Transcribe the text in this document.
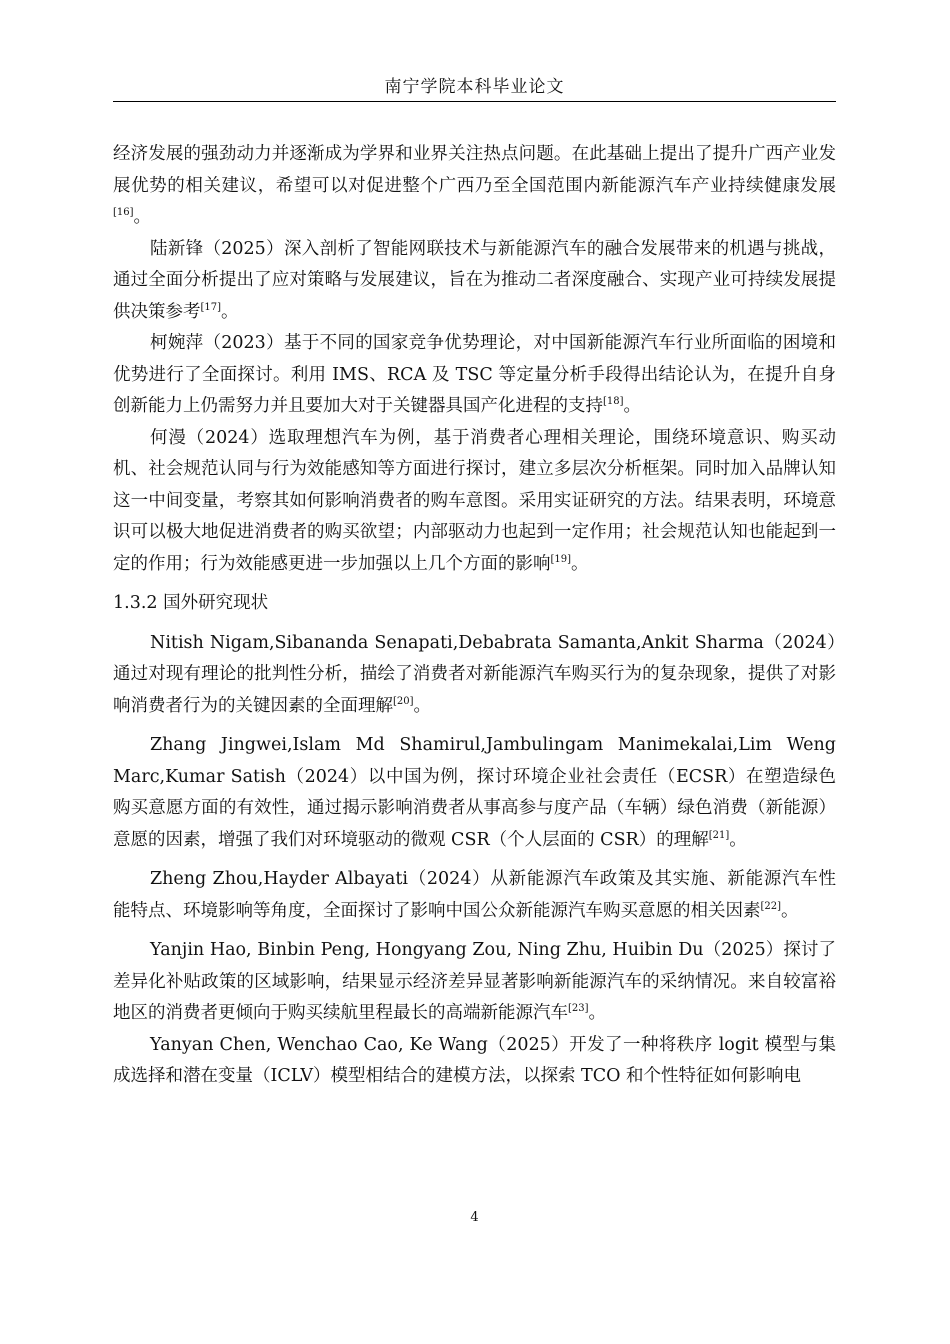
南宁学院本科毕业论文

经济发展的强劲动力并逐渐成为学界和业界关注热点问题。在此基础上提出了提升广西产业发展优势的相关建议，希望可以对促进整个广西乃至全国范围内新能源汽车产业持续健康发展[16]。

陆新锋（2025）深入剖析了智能网联技术与新能源汽车的融合发展带来的机遇与挑战，通过全面分析提出了应对策略与发展建议，旨在为推动二者深度融合、实现产业可持续发展提供决策参考[17]。

柯婉萍（2023）基于不同的国家竞争优势理论，对中国新能源汽车行业所面临的困境和优势进行了全面探讨。利用 IMS、RCA 及 TSC 等定量分析手段得出结论认为，在提升自身创新能力上仍需努力并且要加大对于关键器具国产化进程的支持[18]。

何漫（2024）选取理想汽车为例，基于消费者心理相关理论，围绕环境意识、购买动机、社会规范认同与行为效能感知等方面进行探讨，建立多层次分析框架。同时加入品牌认知这一中间变量，考察其如何影响消费者的购车意图。采用实证研究的方法。结果表明，环境意识可以极大地促进消费者的购买欲望；内部驱动力也起到一定作用；社会规范认知也能起到一定的作用；行为效能感更进一步加强以上几个方面的影响[19]。

1.3.2 国外研究现状

Nitish Nigam,Sibananda Senapati,Debabrata Samanta,Ankit Sharma（2024）通过对现有理论的批判性分析，描绘了消费者对新能源汽车购买行为的复杂现象，提供了对影响消费者行为的关键因素的全面理解[20]。

Zhang Jingwei,Islam Md Shamirul,Jambulingam Manimekalai,Lim Weng Marc,Kumar Satish（2024）以中国为例，探讨环境企业社会责任（ECSR）在塑造绿色购买意愿方面的有效性，通过揭示影响消费者从事高参与度产品（车辆）绿色消费（新能源）意愿的因素，增强了我们对环境驱动的微观 CSR（个人层面的 CSR）的理解[21]。

Zheng Zhou,Hayder Albayati（2024）从新能源汽车政策及其实施、新能源汽车性能特点、环境影响等角度，全面探讨了影响中国公众新能源汽车购买意愿的相关因素[22]。

Yanjin Hao, Binbin Peng, Hongyang Zou, Ning Zhu, Huibin Du（2025）探讨了差异化补贴政策的区域影响，结果显示经济差异显著影响新能源汽车的采纳情况。来自较富裕地区的消费者更倾向于购买续航里程最长的高端新能源汽车[23]。

Yanyan Chen, Wenchao Cao, Ke Wang（2025）开发了一种将秩序 logit 模型与集成选择和潜在变量（ICLV）模型相结合的建模方法，以探索 TCO 和个性特征如何影响电

4
